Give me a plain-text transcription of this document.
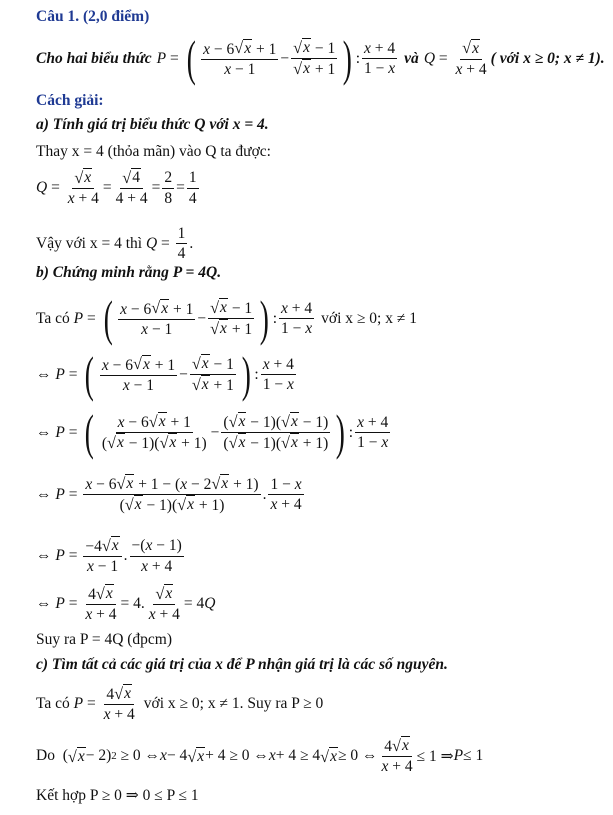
Câu 1. (2,0 điểm)
Cho hai biểu thức P = ( $\frac{x - 6 √ x + 1}{x - 1} - \frac{√ x - 1}{√ x + 1}$ ) : $\frac{x + 4}{1 - x}$ và $Q = \frac{√ x}{x + 4}$ ( với x ≥ 0; x ≠ 1).
Cách giải:
a) Tính giá trị biểu thức Q với x = 4.
Thay x = 4 (thỏa mãn) vào Q ta được:
$Q = \frac{√ x}{x + 4} = \frac{√ 4}{4 + 4} = \frac{2}{8} = \frac{1}{4}$
Vậy với x = 4 thì
$Q = \frac{1}{4}$ .
b) Chứng minh rằng P = 4Q.
Ta có
P = ( $\frac{x - 6 √ x + 1}{x - 1} - \frac{√ x - 1}{√ x + 1}$ ) : $\frac{x + 4}{1 - x}$ với x ≥ 0; x ≠ 1
⇔ P = ( $\frac{x - 6 √ x + 1}{x - 1} - \frac{√ x - 1}{√ x + 1}$ ) : $\frac{x + 4}{1 - x}$
⇔ P = ( $\frac{x - 6 √ x + 1}{( √ x - 1)( √ x + 1)} - \frac{( √ x - 1)( √ x - 1)}{( √ x - 1)( √ x + 1)}$ ) : $\frac{x + 4}{1 - x}$
⇔ $P = \frac{x - 6 √ x + 1 - (x - 2 √ x + 1)}{( √ x - 1)( √ x + 1)}$ . $\frac{1 - x}{x + 4}$
⇔ $P = \frac{-4 √ x}{x - 1}$ . $\frac{-(x - 1)}{x + 4}$
⇔ $P = \frac{4 √ x}{x + 4} = 4$. $\frac{√ x}{x + 4} = 4$ Q
Suy ra P = 4Q (đpcm)
c) Tìm tất cả các giá trị của x để P nhận giá trị là các số nguyên.
Ta có
$P = \frac{4 √ x}{x + 4}$ với x ≥ 0; x ≠ 1. Suy ra P ≥ 0
Do ( √ x − 2) 2 ≥ 0 ⇔ x − 4 √ x + 4 ≥ 0 ⇔ x + 4 ≥ 4 √ x ≥ 0 ⇔ $\frac{4 √ x}{x + 4} \le 1$ ⇒ P ≤ 1
Kết hợp P ≥ 0 ⇒ 0 ≤ P ≤ 1
